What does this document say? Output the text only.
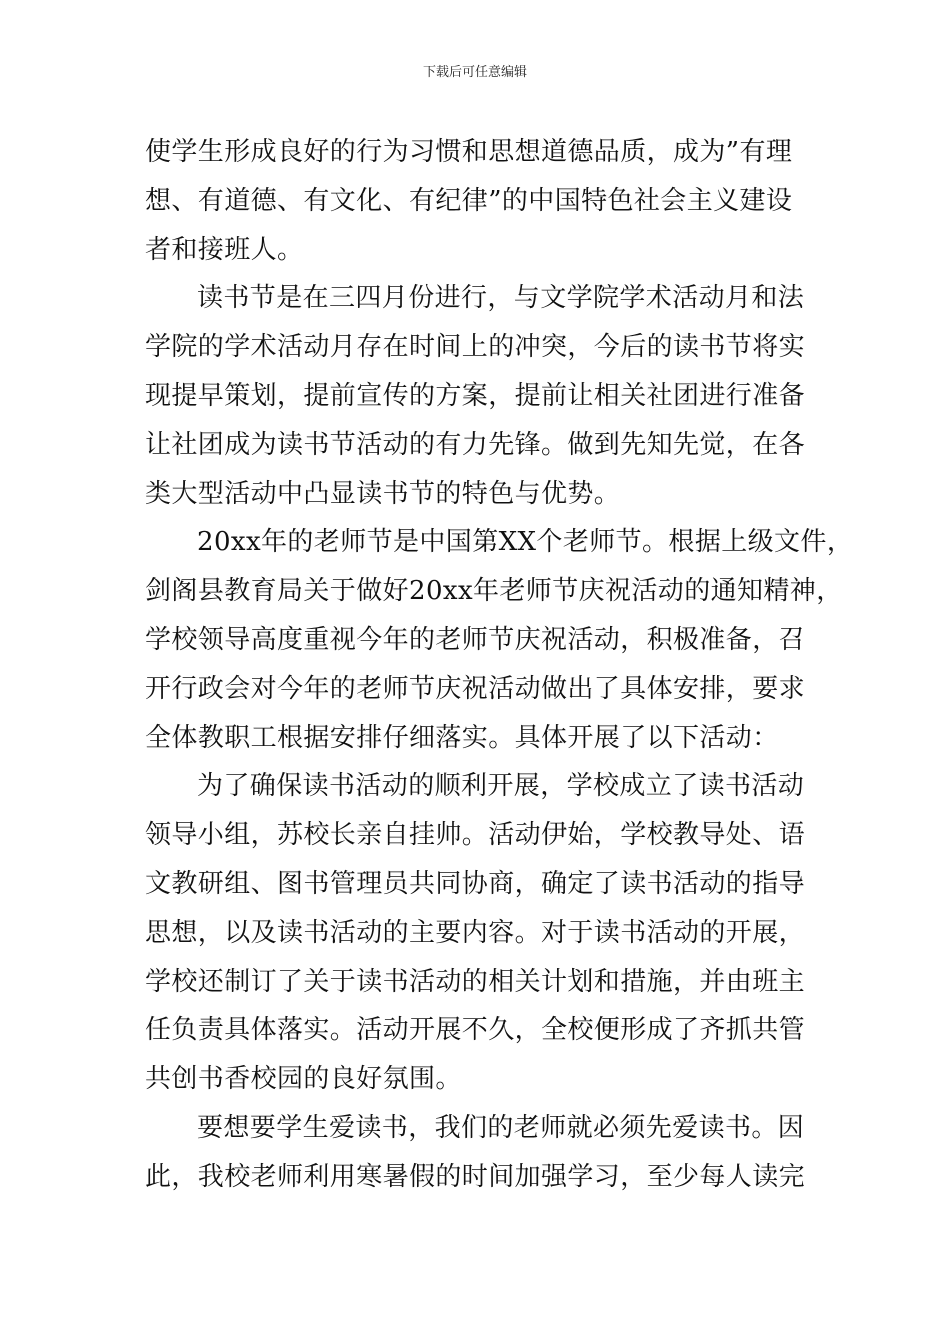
下载后可任意编辑
使学生形成良好的行为习惯和思想道德品质，成为”有理
想、有道德、有文化、有纪律”的中国特色社会主义建设
者和接班人。
读书节是在三四月份进行，与文学院学术活动月和法
学院的学术活动月存在时间上的冲突，今后的读书节将实
现提早策划，提前宣传的方案，提前让相关社团进行准备
让社团成为读书节活动的有力先锋。做到先知先觉，在各
类大型活动中凸显读书节的特色与优势。
20xx年的老师节是中国第XX个老师节。根据上级文件，
剑阁县教育局关于做好20xx年老师节庆祝活动的通知精神，
学校领导高度重视今年的老师节庆祝活动，积极准备，召
开行政会对今年的老师节庆祝活动做出了具体安排，要求
全体教职工根据安排仔细落实。具体开展了以下活动：
为了确保读书活动的顺利开展，学校成立了读书活动
领导小组，苏校长亲自挂帅。活动伊始，学校教导处、语
文教研组、图书管理员共同协商，确定了读书活动的指导
思想，以及读书活动的主要内容。对于读书活动的开展，
学校还制订了关于读书活动的相关计划和措施，并由班主
任负责具体落实。活动开展不久，全校便形成了齐抓共管
共创书香校园的良好氛围。
要想要学生爱读书，我们的老师就必须先爱读书。因
此，我校老师利用寒暑假的时间加强学习，至少每人读完
